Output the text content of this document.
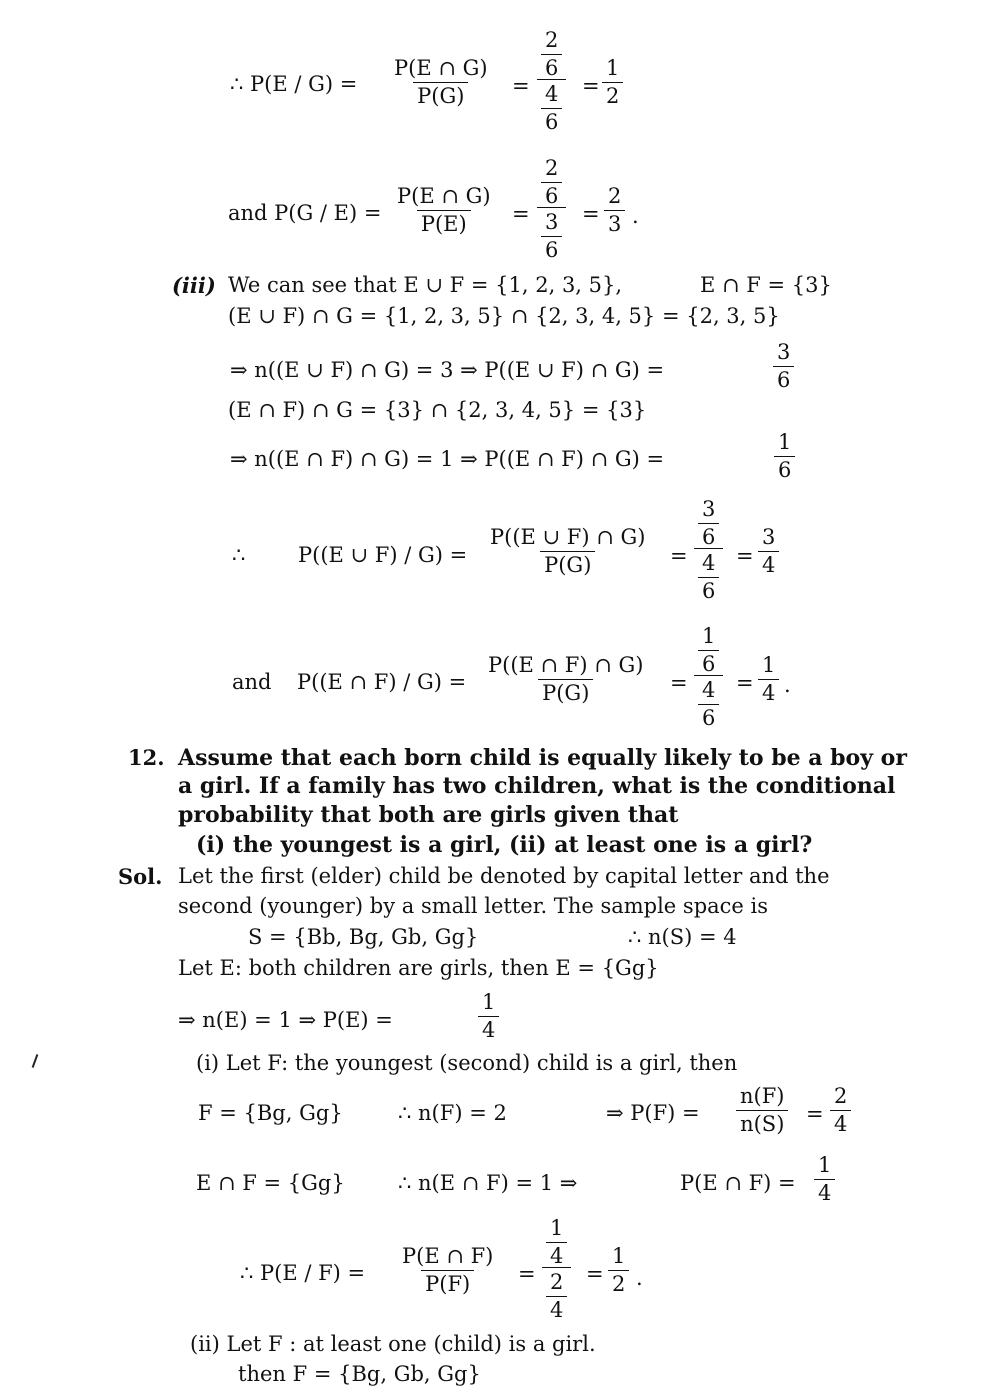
∴ $P(E / G) = \frac{P(E \cap G)}{P(G)} = \frac{\frac{2}{6}}{\frac{4}{6}} = \frac{1}{2}$
and $P(G / E) = \frac{P(E \cap G)}{P(E)} = \frac{\frac{2}{6}}{\frac{3}{6}} = \frac{2}{3}$ .
(iii) We can see that E ∪ F = {1, 2, 3, 5},	E ∩ F = {3}
(E ∪ F) ∩ G = {1, 2, 3, 5} ∩ {2, 3, 4, 5} = {2, 3, 5}
⇒ n((E ∪ F) ∩ G) = 3 ⇒ P((E ∪ F) ∩ G) =	$\frac{3}{6}$
(E ∩ F) ∩ G = {3} ∩ {2, 3, 4, 5} = {3}
⇒ n((E ∩ F) ∩ G) = 1 ⇒ P((E ∩ F) ∩ G) =	$\frac{1}{6}$
∴	P((E ∪ $F) / G) = \frac{P((E \cup F) \cap G)}{P(G)} = \frac{\frac{3}{6}}{\frac{4}{6}} = \frac{3}{4}$
and P((E ∩ $F) / G) = \frac{P((E \cap F) \cap G)}{P(G)} = \frac{\frac{1}{6}}{\frac{4}{6}} = \frac{1}{4}$ .
12. Assume that each born child is equally likely to be a boy or
a girl. If a family has two children, what is the conditional
probability that both are girls given that
(i) the youngest is a girl, (ii) at least one is a girl?
Sol. Let the first (elder) child be denoted by capital letter and the
second (younger) by a small letter. The sample space is
S = {Bb, Bg, Gb, Gg}	∴ n(S) = 4
Let E: both children are girls, then E = {Gg}
⇒ n(E) = 1 ⇒ P(E) =	$\frac{1}{4}$
(i) Let F: the youngest (second) child is a girl, then
F = {Bg, Gg}	∴ n(F) = 2	⇒ $P(F) = \frac{n(F)}{n(S)} = \frac{2}{4}$
E ∩ F = {Gg}	∴ n(E ∩ F) = 1 ⇒	P(E ∩ $F) = \frac{1}{4}$
∴ $P(E / F) = \frac{P(E \cap F)}{P(F)} = \frac{\frac{1}{4}}{\frac{2}{4}} = \frac{1}{2}$ .
(ii) Let F : at least one (child) is a girl.
then F = {Bg, Gb, Gg}
